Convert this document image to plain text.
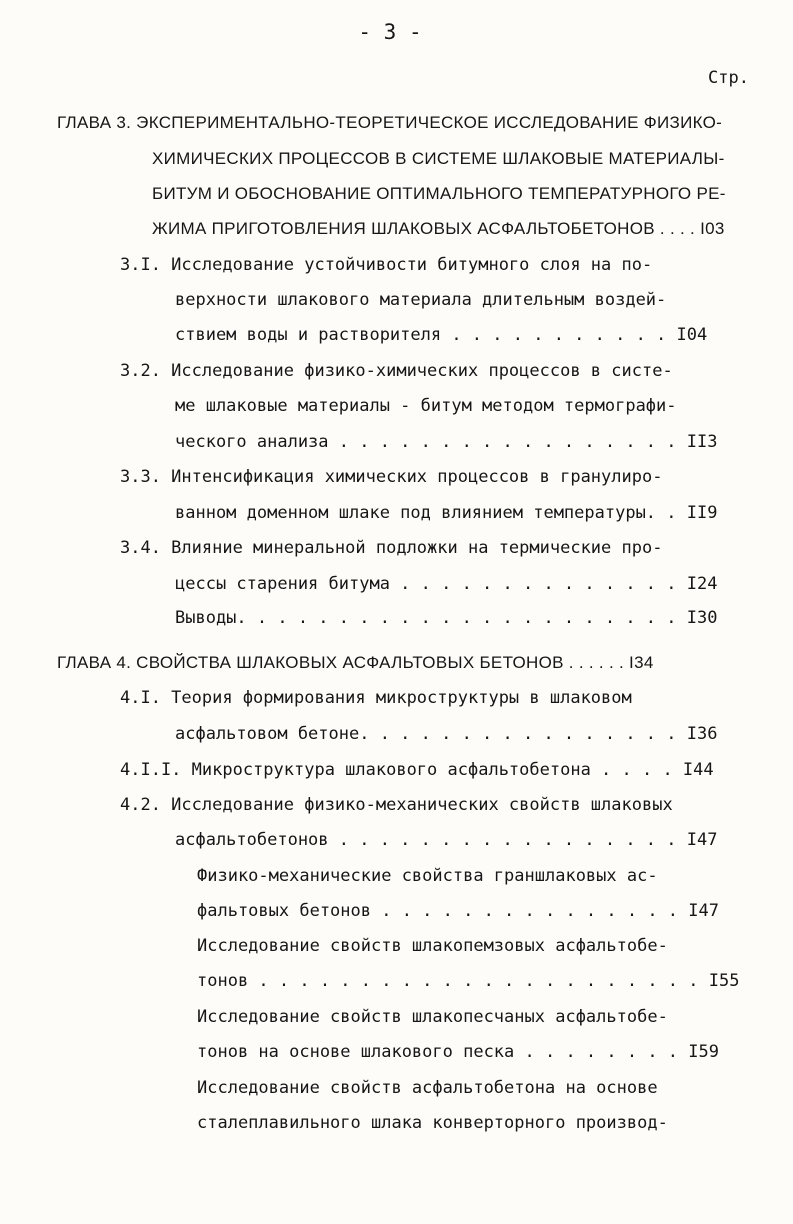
- 3 -
Стр.
ГЛАВА 3. ЭКСПЕРИМЕНТАЛЬНО-ТЕОРЕТИЧЕСКОЕ ИССЛЕДОВАНИЕ ФИЗИКО-
ХИМИЧЕСКИХ ПРОЦЕССОВ В СИСТЕМЕ ШЛАКОВЫЕ МАТЕРИАЛЫ-
БИТУМ И ОБОСНОВАНИЕ ОПТИМАЛЬНОГО ТЕМПЕРАТУРНОГО РЕ-
ЖИМА ПРИГОТОВЛЕНИЯ ШЛАКОВЫХ АСФАЛЬТОБЕТОНОВ . . . . I03
3.I. Исследование устойчивости битумного слоя на по-
верхности шлакового материала длительным воздей-
ствием воды и растворителя . . . . . . . . . . . I04
3.2. Исследование физико-химических процессов в систе-
ме шлаковые материалы - битум методом термографи-
ческого анализа . . . . . . . . . . . . . . . . . II3
3.3. Интенсификация химических процессов в гранулиро-
ванном доменном шлаке под влиянием температуры. . II9
3.4. Влияние минеральной подложки на термические про-
цессы старения битума . . . . . . . . . . . . . . I24
Выводы. . . . . . . . . . . . . . . . . . . . . . I30
ГЛАВА 4. СВОЙСТВА ШЛАКОВЫХ АСФАЛЬТОВЫХ БЕТОНОВ . . . . . . I34
4.I. Теория формирования микроструктуры в шлаковом
асфальтовом бетоне. . . . . . . . . . . . . . . . I36
4.I.I. Микроструктура шлакового асфальтобетона . . . . I44
4.2. Исследование физико-механических свойств шлаковых
асфальтобетонов . . . . . . . . . . . . . . . . . I47
Физико-механические свойства граншлаковых ас-
фальтовых бетонов . . . . . . . . . . . . . . . I47
Исследование свойств шлакопемзовых асфальтобе-
тонов . . . . . . . . . . . . . . . . . . . . . . I55
Исследование свойств шлакопесчаных асфальтобе-
тонов на основе шлакового песка . . . . . . . . I59
Исследование свойств асфальтобетона на основе
сталеплавильного шлака конверторного производ-
